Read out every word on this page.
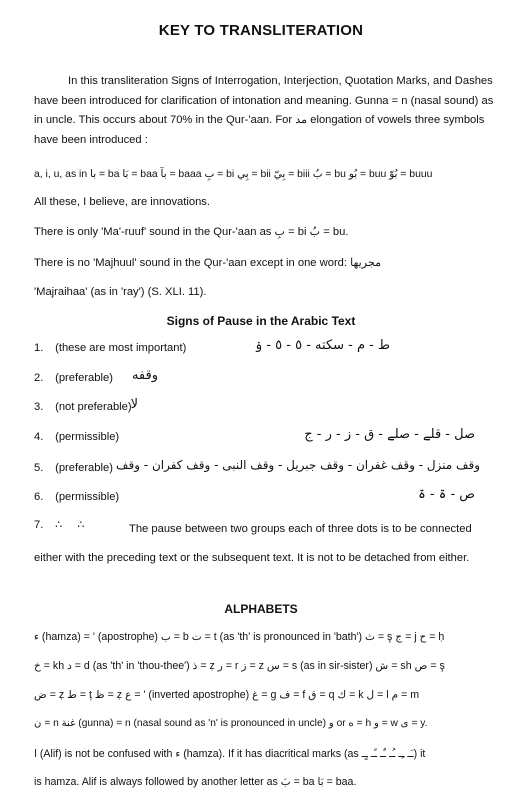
KEY TO TRANSLITERATION
In this transliteration Signs of Interrogation, Interjection, Quotation Marks, and Dashes have been introduced for clarification of intonation and meaning. Gunna = n (nasal sound) as in uncle. This occurs about 70% in the Qur-'aan. For مد elongation of vowels three symbols have been introduced :
a, i, u, as in با = ba بَا = baa بآ = baaa بِ = bi بِي = bii بِيّ = biii بُ = bu بُو = buu بُوّ = buuu
All these, I believe, are innovations.
There is only 'Ma'-ruuf' sound in the Qur-'aan as بِ = bi بُ = bu.
There is no 'Majhuul' sound in the Qur-'aan except in one word: مجريها
'Majraihaa' (as in 'ray') (S. XLI. 11).
Signs of Pause in the Arabic Text
1. (these are most important)	ط - م - سكته - ٥ - ٥ - ۏ
2. (preferable)	وقفه
3. (not preferable)
لا
4. (permissible)	صل - قلے - صلے - ق - ز - ر - ج
5. (preferable) وقف منزل - وقف غفران - وقف جبريل - وقف النبى - وقف كفران - وقف
6. (permissible)	ص - ۃ - ۃ
7. ∴ ∴	The pause between two groups each of three dots is to be connected either with the preceding text or the subsequent text. It is not to be detached from either.
ALPHABETS
ء (hamza) = ' (apostrophe) ب = b ت = t (as 'th' is pronounced in 'bath') ث = ş ج = j ح = ḥ
خ = kh د = d (as 'th' in 'thou-thee') ذ = ẓ ر = r ز = z س = s (as in sir-sister) ش = sh ص = ş
ض = ẓ ط = ț ظ = ẓ ع = ' (inverted apostrophe) غ = g ف = f ق = q ك = k ل = l م = m
ن = n غنة (gunna) = n (nasal sound as 'n' is pronounced in uncle) و or ه = h و = w ى = y.
ا (Alif) is not be confused with ء (hamza). If it has diacritical marks (as ـَـ ـِـ ـُـ ـٌـ ـًـ ـٍـ) it
is hamza. Alif is always followed by another letter as بَ = ba بَا = baa.
